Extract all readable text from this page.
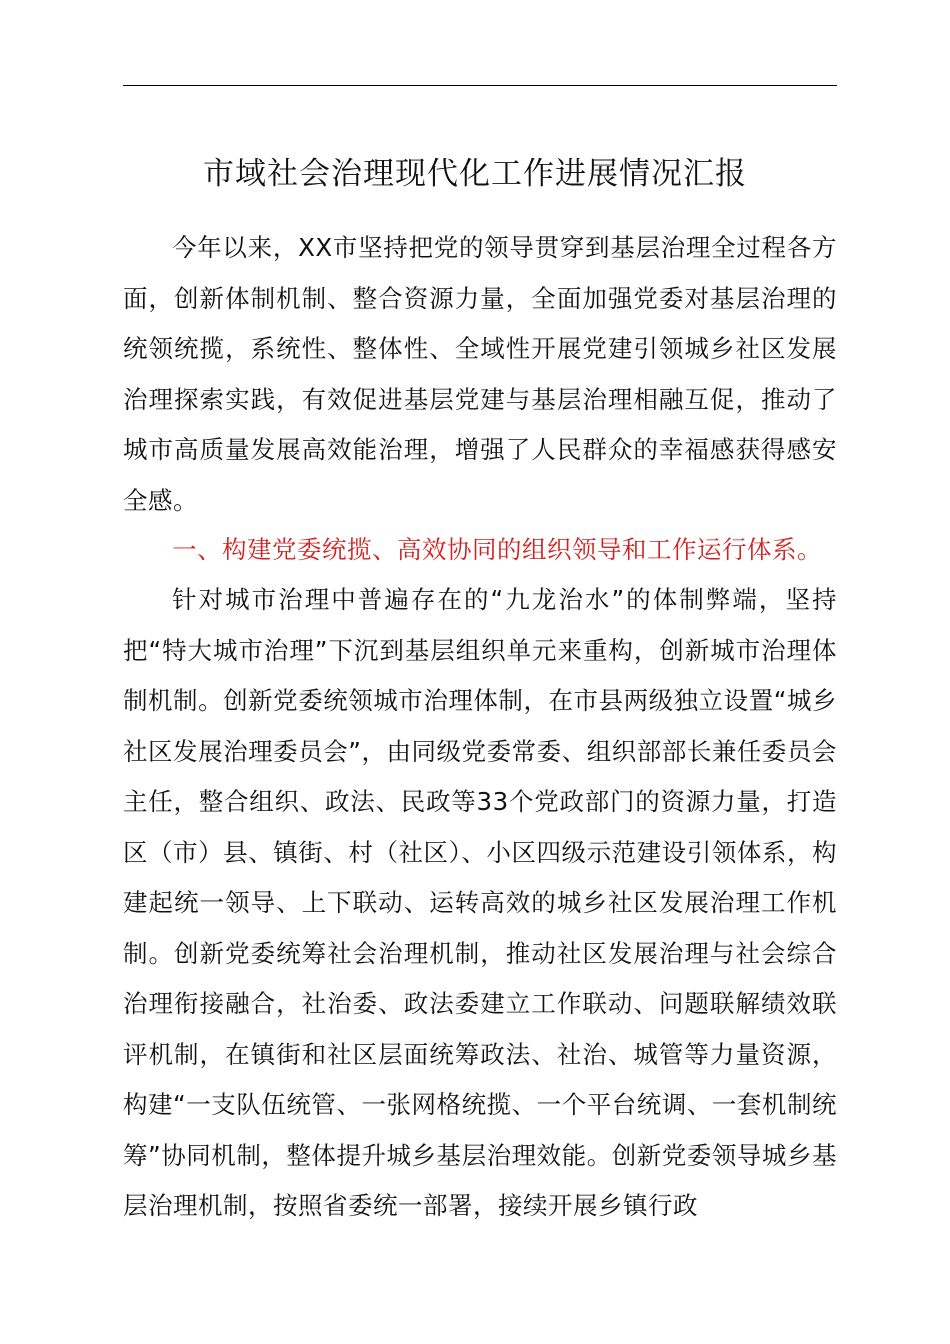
市域社会治理现代化工作进展情况汇报

今年以来，XX市坚持把党的领导贯穿到基层治理全过程各方面，创新体制机制、整合资源力量，全面加强党委对基层治理的统领统揽，系统性、整体性、全域性开展党建引领城乡社区发展治理探索实践，有效促进基层党建与基层治理相融互促，推动了城市高质量发展高效能治理，增强了人民群众的幸福感获得感安全感。

一、构建党委统揽、高效协同的组织领导和工作运行体系。

针对城市治理中普遍存在的“九龙治水”的体制弊端，坚持把“特大城市治理”下沉到基层组织单元来重构，创新城市治理体制机制。创新党委统领城市治理体制，在市县两级独立设置“城乡社区发展治理委员会”，由同级党委常委、组织部部长兼任委员会主任，整合组织、政法、民政等33个党政部门的资源力量，打造区（市）县、镇街、村（社区）、小区四级示范建设引领体系，构建起统一领导、上下联动、运转高效的城乡社区发展治理工作机制。创新党委统筹社会治理机制，推动社区发展治理与社会综合治理衔接融合，社治委、政法委建立工作联动、问题联解绩效联评机制，在镇街和社区层面统筹政法、社治、城管等力量资源，构建“一支队伍统管、一张网格统揽、一个平台统调、一套机制统筹”协同机制，整体提升城乡基层治理效能。创新党委领导城乡基层治理机制，按照省委统一部署，接续开展乡镇行政
